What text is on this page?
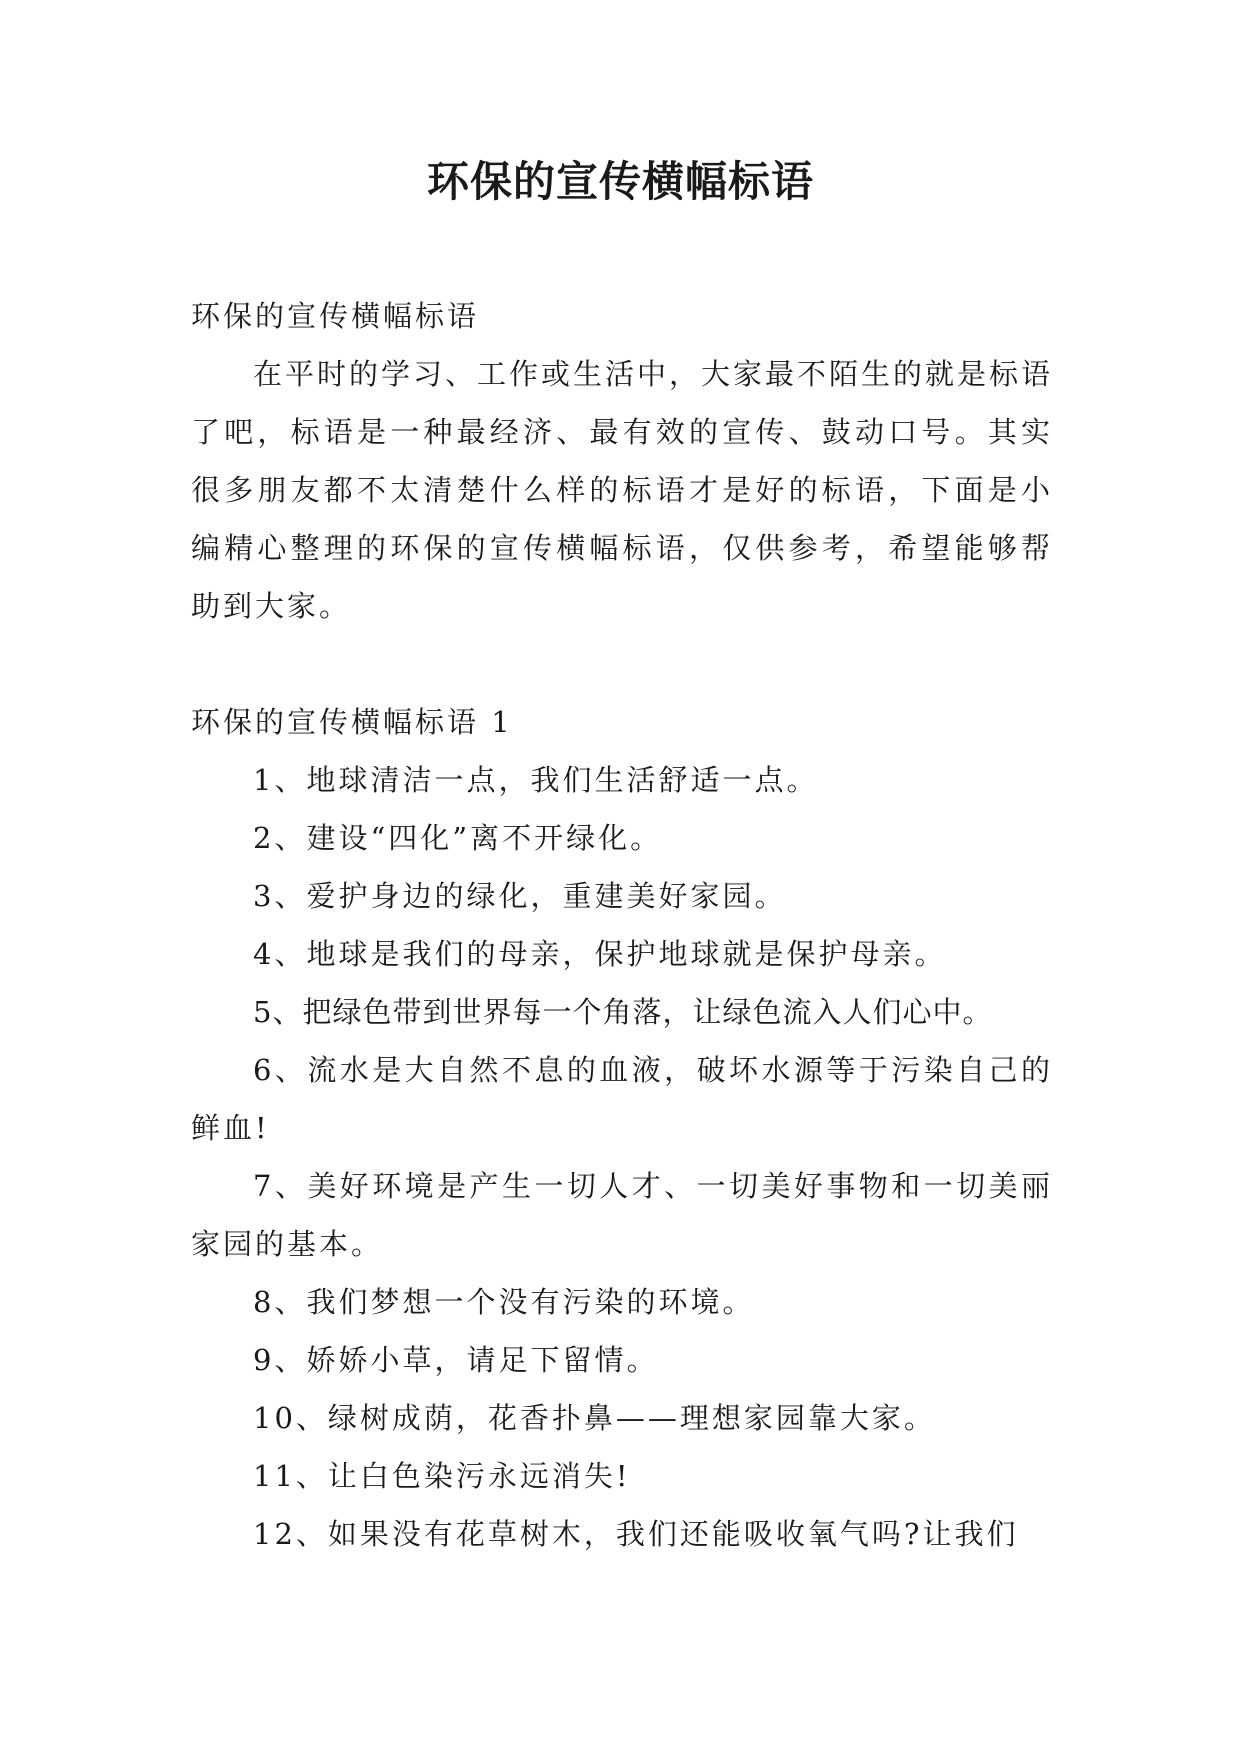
环保的宣传横幅标语

环保的宣传横幅标语

在平时的学习、工作或生活中，大家最不陌生的就是标语了吧，标语是一种最经济、最有效的宣传、鼓动口号。其实很多朋友都不太清楚什么样的标语才是好的标语，下面是小编精心整理的环保的宣传横幅标语，仅供参考，希望能够帮助到大家。

环保的宣传横幅标语 1

1、地球清洁一点，我们生活舒适一点。

2、建设“四化”离不开绿化。

3、爱护身边的绿化，重建美好家园。

4、地球是我们的母亲，保护地球就是保护母亲。

5、把绿色带到世界每一个角落，让绿色流入人们心中。

6、流水是大自然不息的血液，破坏水源等于污染自己的鲜血!

7、美好环境是产生一切人才、一切美好事物和一切美丽家园的基本。

8、我们梦想一个没有污染的环境。

9、娇娇小草，请足下留情。

10、绿树成荫，花香扑鼻——理想家园靠大家。

11、让白色染污永远消失!

12、如果没有花草树木，我们还能吸收氧气吗?让我们
